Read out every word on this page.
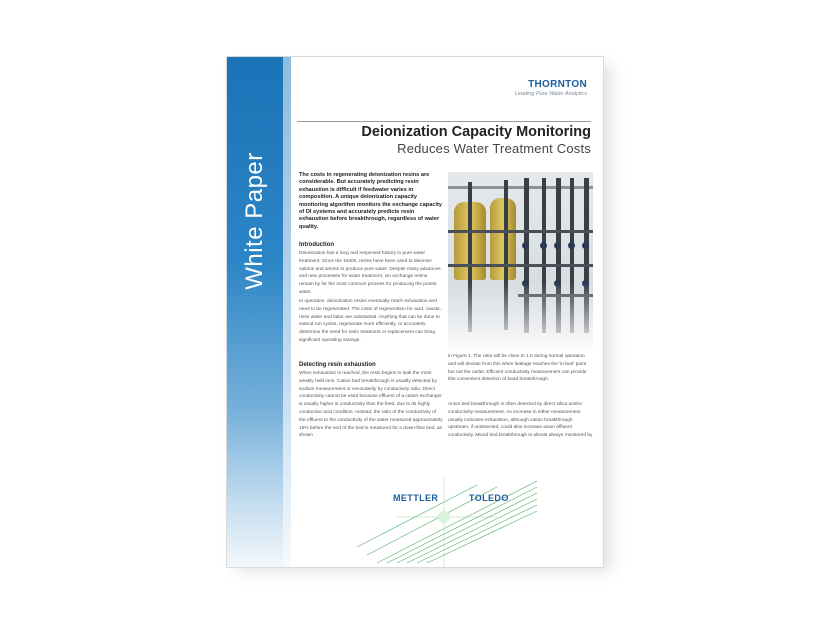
White Paper
THORNTON
Leading Pure Water Analytics
Deionization Capacity Monitoring
Reduces Water Treatment Costs

The costs in regenerating deionization resins are considerable. But accurately predicting resin exhaustion is difficult if feedwater varies in composition. A unique deionization capacity monitoring algorithm monitors the exchange capacity of DI systems and accurately predicts resin exhaustion before breakthrough, regardless of water quality.

Introduction

Deionization has a long and respected history in pure water treatment. Since the 1940s, resins have been used to deionize cations and anions to produce pure water. Despite many advances and new processes for water treatment, ion exchange resins remain by far the most common process for producing the purest water.

In operation, deionization resins eventually reach exhaustion and need to be regenerated. The costs of regeneration for acid, caustic, rinse water and labor are substantial. Anything that can be done to extend run cycles, regenerate more efficiently, or accurately determine the need for resin treatment or replacement can bring significant operating savings.

Detecting resin exhaustion

When exhaustion is reached, the resin begins to leak the most weakly held ions. Cation bed breakthrough is usually detected by sodium measurement or secondarily by conductivity ratio. Direct conductivity cannot be used because effluent of a cation exchanger is usually higher in conductivity than the feed, due to its highly conductive acid condition. Instead, the ratio of the conductivity of the effluent to the conductivity of the water measured approximately 15% before the end of the bed is measured for a down-flow bed, as shown

in Figure 1. The ratio will be close to 1.0 during normal operation and will deviate from this when leakage reaches the 'in-bed' point but not the outlet. Efficient conductivity measurement can provide this convenient detection of bead breakthrough.

Anion bed breakthrough is often detected by direct silica and/or conductivity measurement. An increase in either measurement usually indicates exhaustion, although cation breakthrough upstream, if undetected, could also increase anion effluent conductivity. Mixed bed breakthrough is almost always monitored by

METTLER	TOLEDO
